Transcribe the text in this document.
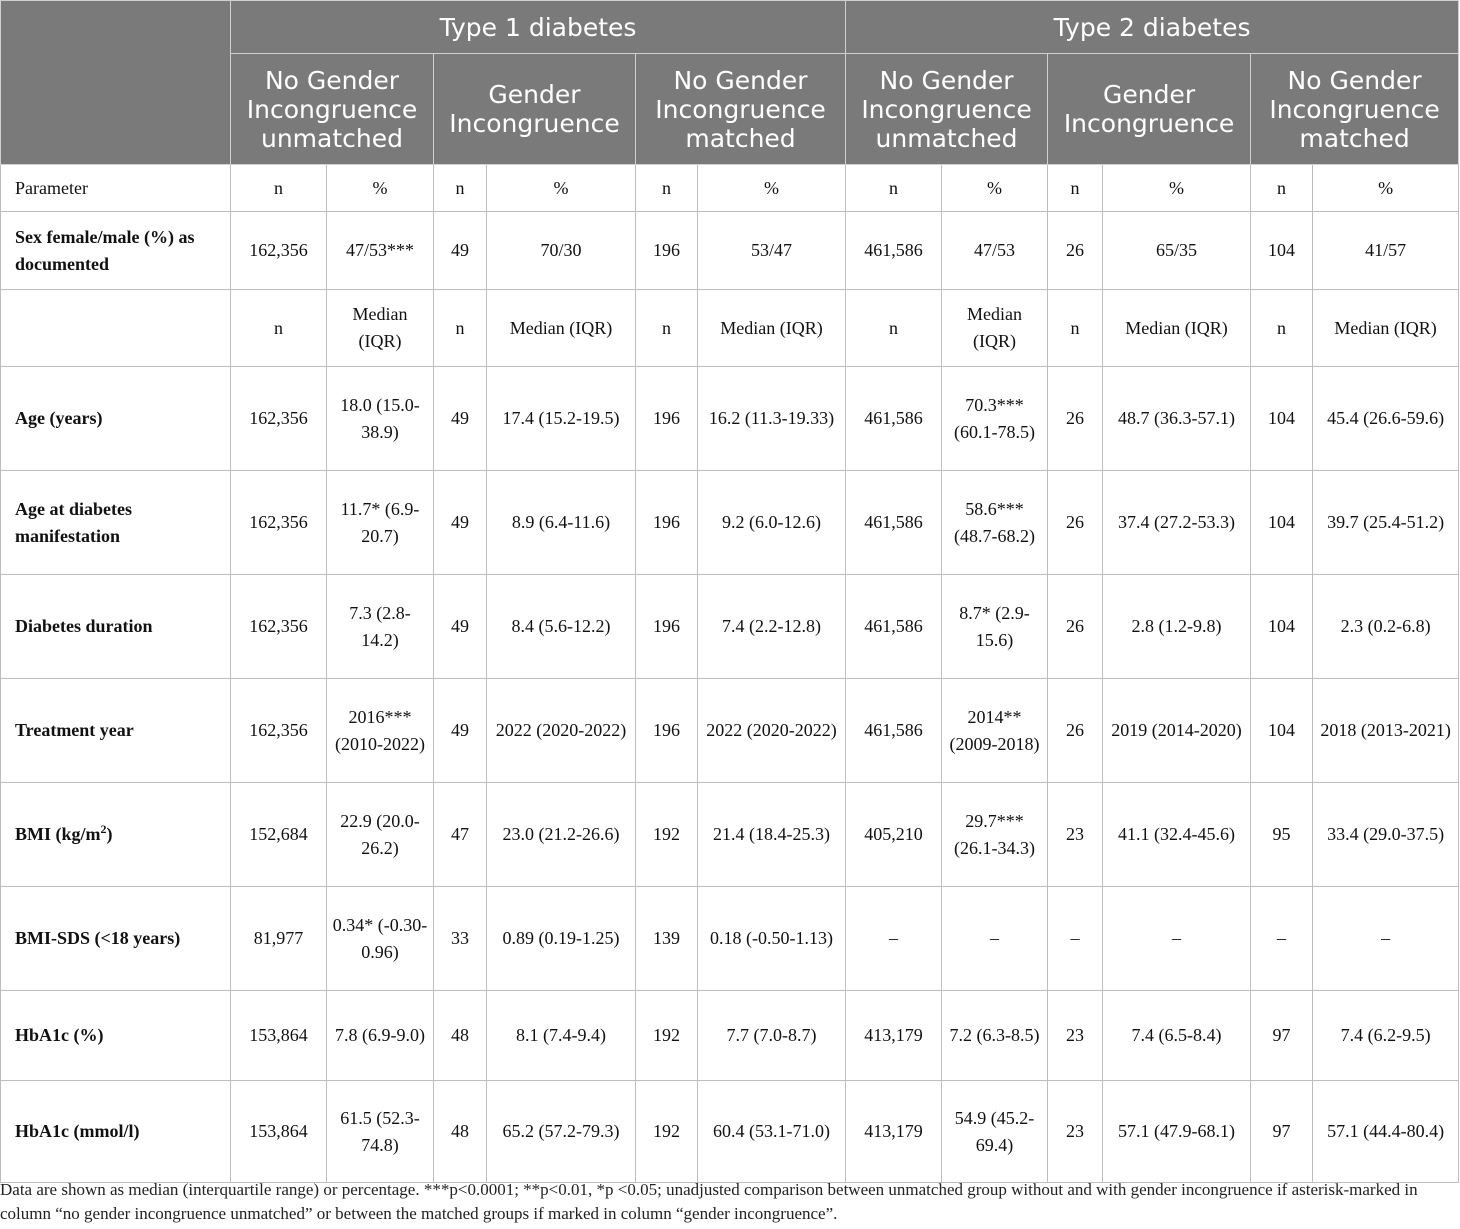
	Type 1 diabetes						Type 2 diabetes					
	No Gender Incongruence unmatched		Gender Incongruence		No Gender Incongruence matched		No Gender Incongruence unmatched		Gender Incongruence		No Gender Incongruence matched	
Parameter	n	%	n	%	n	%	n	%	n	%	n	%
Sex female/male (%) as documented	162,356	47/53***	49	70/30	196	53/47	461,586	47/53	26	65/35	104	41/57
	n	Median (IQR)	n	Median (IQR)	n	Median (IQR)	n	Median (IQR)	n	Median (IQR)	n	Median (IQR)
Age (years)	162,356	18.0 (15.0-38.9)	49	17.4 (15.2-19.5)	196	16.2 (11.3-19.33)	461,586	70.3*** (60.1-78.5)	26	48.7 (36.3-57.1)	104	45.4 (26.6-59.6)
Age at diabetes manifestation	162,356	11.7* (6.9-20.7)	49	8.9 (6.4-11.6)	196	9.2 (6.0-12.6)	461,586	58.6*** (48.7-68.2)	26	37.4 (27.2-53.3)	104	39.7 (25.4-51.2)
Diabetes duration	162,356	7.3 (2.8-14.2)	49	8.4 (5.6-12.2)	196	7.4 (2.2-12.8)	461,586	8.7* (2.9-15.6)	26	2.8 (1.2-9.8)	104	2.3 (0.2-6.8)
Treatment year	162,356	2016*** (2010-2022)	49	2022 (2020-2022)	196	2022 (2020-2022)	461,586	2014** (2009-2018)	26	2019 (2014-2020)	104	2018 (2013-2021)
BMI $(kg/m^2)$	152,684	22.9 (20.0-26.2)	47	23.0 (21.2-26.6)	192	21.4 (18.4-25.3)	405,210	29.7*** (26.1-34.3)	23	41.1 (32.4-45.6)	95	33.4 (29.0-37.5)
BMI-SDS (<18 years)	81,977	0.34* (-0.30-0.96)	33	0.89 (0.19-1.25)	139	0.18 (-0.50-1.13)	–	–	–	–	–	–
HbA1c (%)	153,864	7.8 (6.9-9.0)	48	8.1 (7.4-9.4)	192	7.7 (7.0-8.7)	413,179	7.2 (6.3-8.5)	23	7.4 (6.5-8.4)	97	7.4 (6.2-9.5)
HbA1c (mmol/l)	153,864	61.5 (52.3-74.8)	48	65.2 (57.2-79.3)	192	60.4 (53.1-71.0)	413,179	54.9 (45.2-69.4)	23	57.1 (47.9-68.1)	97	57.1 (44.4-80.4)
Data are shown as median (interquartile range) or percentage. ***p<0.0001; **p<0.01, *p <0.05; unadjusted comparison between unmatched group without and with gender incongruence if asterisk-marked in column “no gender incongruence unmatched” or between the matched groups if marked in column “gender incongruence”.
